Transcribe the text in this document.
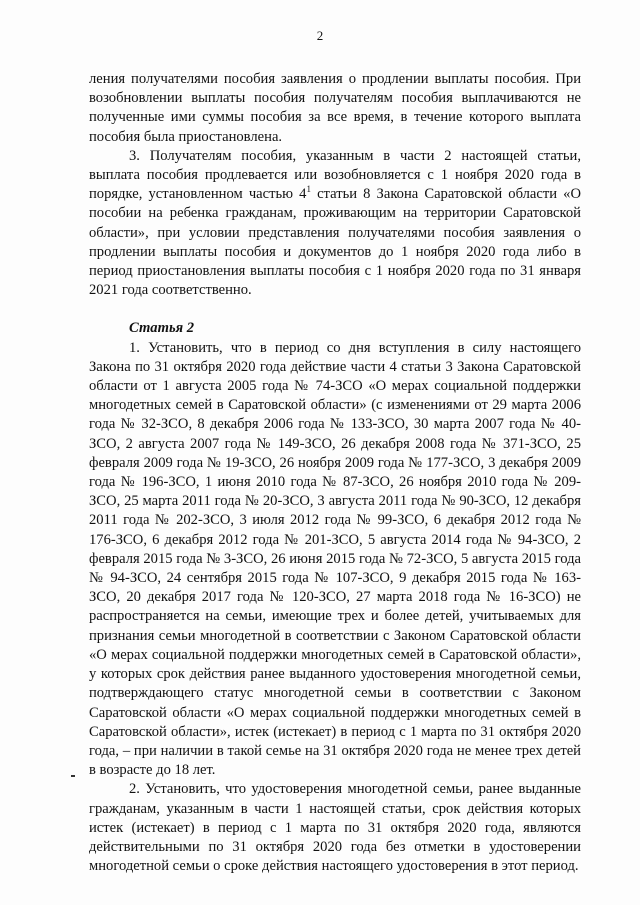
2

ления получателями пособия заявления о продлении выплаты пособия. При возобновлении выплаты пособия получателям пособия выплачиваются не полученные ими суммы пособия за все время, в течение которого выплата пособия была приостановлена.

3. Получателям пособия, указанным в части 2 настоящей статьи, выплата пособия продлевается или возобновляется с 1 ноября 2020 года в порядке, установленном частью $4^1$ статьи 8 Закона Саратовской области «О пособии на ребенка гражданам, проживающим на территории Саратовской области», при условии представления получателями пособия заявления о продлении выплаты пособия и документов до 1 ноября 2020 года либо в период приостановления выплаты пособия с 1 ноября 2020 года по 31 января 2021 года соответственно.

Статья 2

1. Установить, что в период со дня вступления в силу настоящего Закона по 31 октября 2020 года действие части 4 статьи 3 Закона Саратовской области от 1 августа 2005 года № 74-ЗСО «О мерах социальной поддержки многодетных семей в Саратовской области» (с изменениями от 29 марта 2006 года № 32-ЗСО, 8 декабря 2006 года № 133-ЗСО, 30 марта 2007 года № 40-ЗСО, 2 августа 2007 года № 149-ЗСО, 26 декабря 2008 года № 371-ЗСО, 25 февраля 2009 года № 19-ЗСО, 26 ноября 2009 года № 177-ЗСО, 3 декабря 2009 года № 196-ЗСО, 1 июня 2010 года № 87-ЗСО, 26 ноября 2010 года № 209-ЗСО, 25 марта 2011 года № 20-ЗСО, 3 августа 2011 года № 90-ЗСО, 12 декабря 2011 года № 202-ЗСО, 3 июля 2012 года № 99-ЗСО, 6 декабря 2012 года № 176-ЗСО, 6 декабря 2012 года № 201-ЗСО, 5 августа 2014 года № 94-ЗСО, 2 февраля 2015 года № 3-ЗСО, 26 июня 2015 года № 72-ЗСО, 5 августа 2015 года № 94-ЗСО, 24 сентября 2015 года № 107-ЗСО, 9 декабря 2015 года № 163-ЗСО, 20 декабря 2017 года № 120-ЗСО, 27 марта 2018 года № 16-ЗСО) не распространяется на семьи, имеющие трех и более детей, учитываемых для признания семьи многодетной в соответствии с Законом Саратовской области «О мерах социальной поддержки многодетных семей в Саратовской области», у которых срок действия ранее выданного удостоверения многодетной семьи, подтверждающего статус многодетной семьи в соответствии с Законом Саратовской области «О мерах социальной поддержки многодетных семей в Саратовской области», истек (истекает) в период с 1 марта по 31 октября 2020 года, – при наличии в такой семье на 31 октября 2020 года не менее трех детей в возрасте до 18 лет.

2. Установить, что удостоверения многодетной семьи, ранее выданные гражданам, указанным в части 1 настоящей статьи, срок действия которых истек (истекает) в период с 1 марта по 31 октября 2020 года, являются действительными по 31 октября 2020 года без отметки в удостоверении многодетной семьи о сроке действия настоящего удостоверения в этот период.
